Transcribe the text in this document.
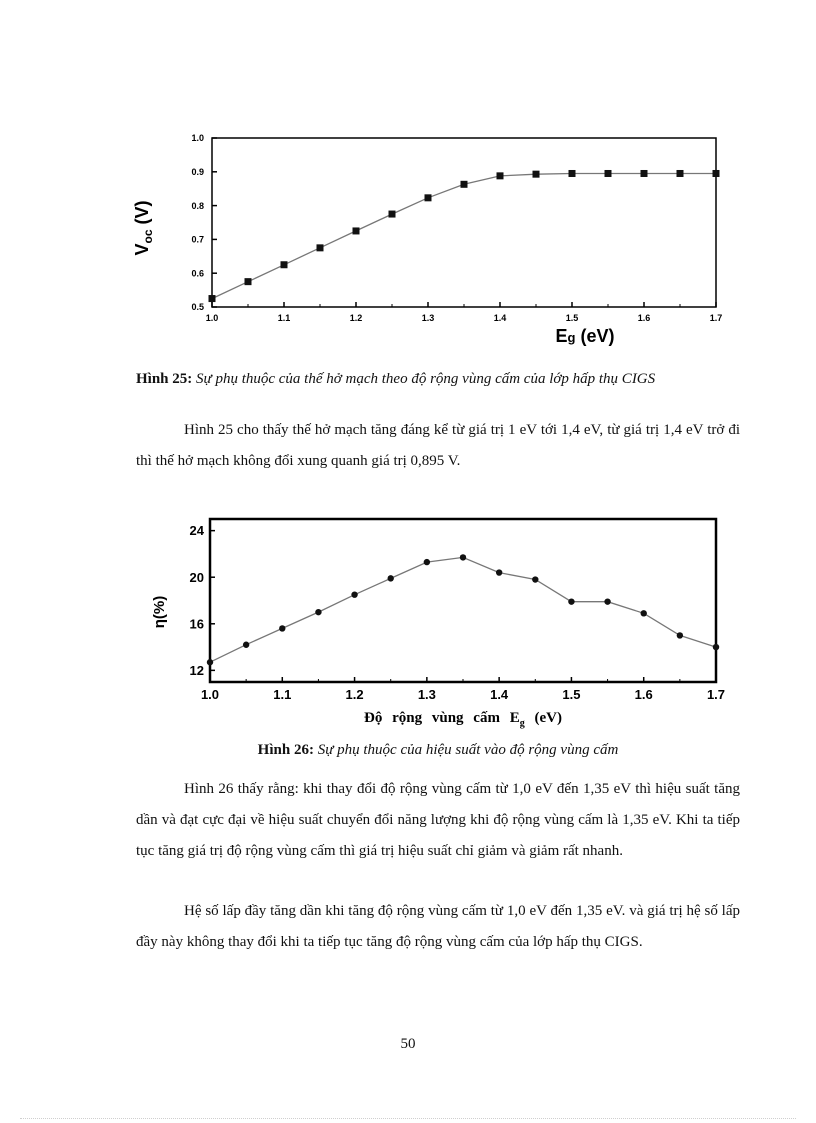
1.0	1.1	1.2	1.3	1.4	1.5	1.6	1.7
0.5
0.6
0.7
0.8
0.9
1.0
$V_{oc}$ (V)
Eg (eV)
Hình 25: Sự phụ thuộc của thế hở mạch theo độ rộng vùng cấm của lớp hấp thụ CIGS

Hình 25 cho thấy thế hở mạch tăng đáng kể từ giá trị 1 eV tới 1,4 eV, từ giá trị 1,4 eV trở đi thì thế hở mạch không đổi xung quanh giá trị 0,895 V.

1.0	1.1	1.2	1.3	1.4	1.5	1.6	1.7
12
16
20
24
η(%)
Độ rộng vùng cấm $E_g$ (eV)
Hình 26: Sự phụ thuộc của hiệu suất vào độ rộng vùng cấm

Hình 26 thấy rằng: khi thay đổi độ rộng vùng cấm từ 1,0 eV đến 1,35 eV thì hiệu suất tăng dần và đạt cực đại về hiệu suất chuyển đổi năng lượng khi độ rộng vùng cấm là 1,35 eV. Khi ta tiếp tục tăng giá trị độ rộng vùng cấm thì giá trị hiệu suất chỉ giảm và giảm rất nhanh.

Hệ số lấp đầy tăng dần khi tăng độ rộng vùng cấm từ 1,0 eV đến 1,35 eV. và giá trị hệ số lấp đầy này không thay đổi khi ta tiếp tục tăng độ rộng vùng cấm của lớp hấp thụ CIGS.

50
